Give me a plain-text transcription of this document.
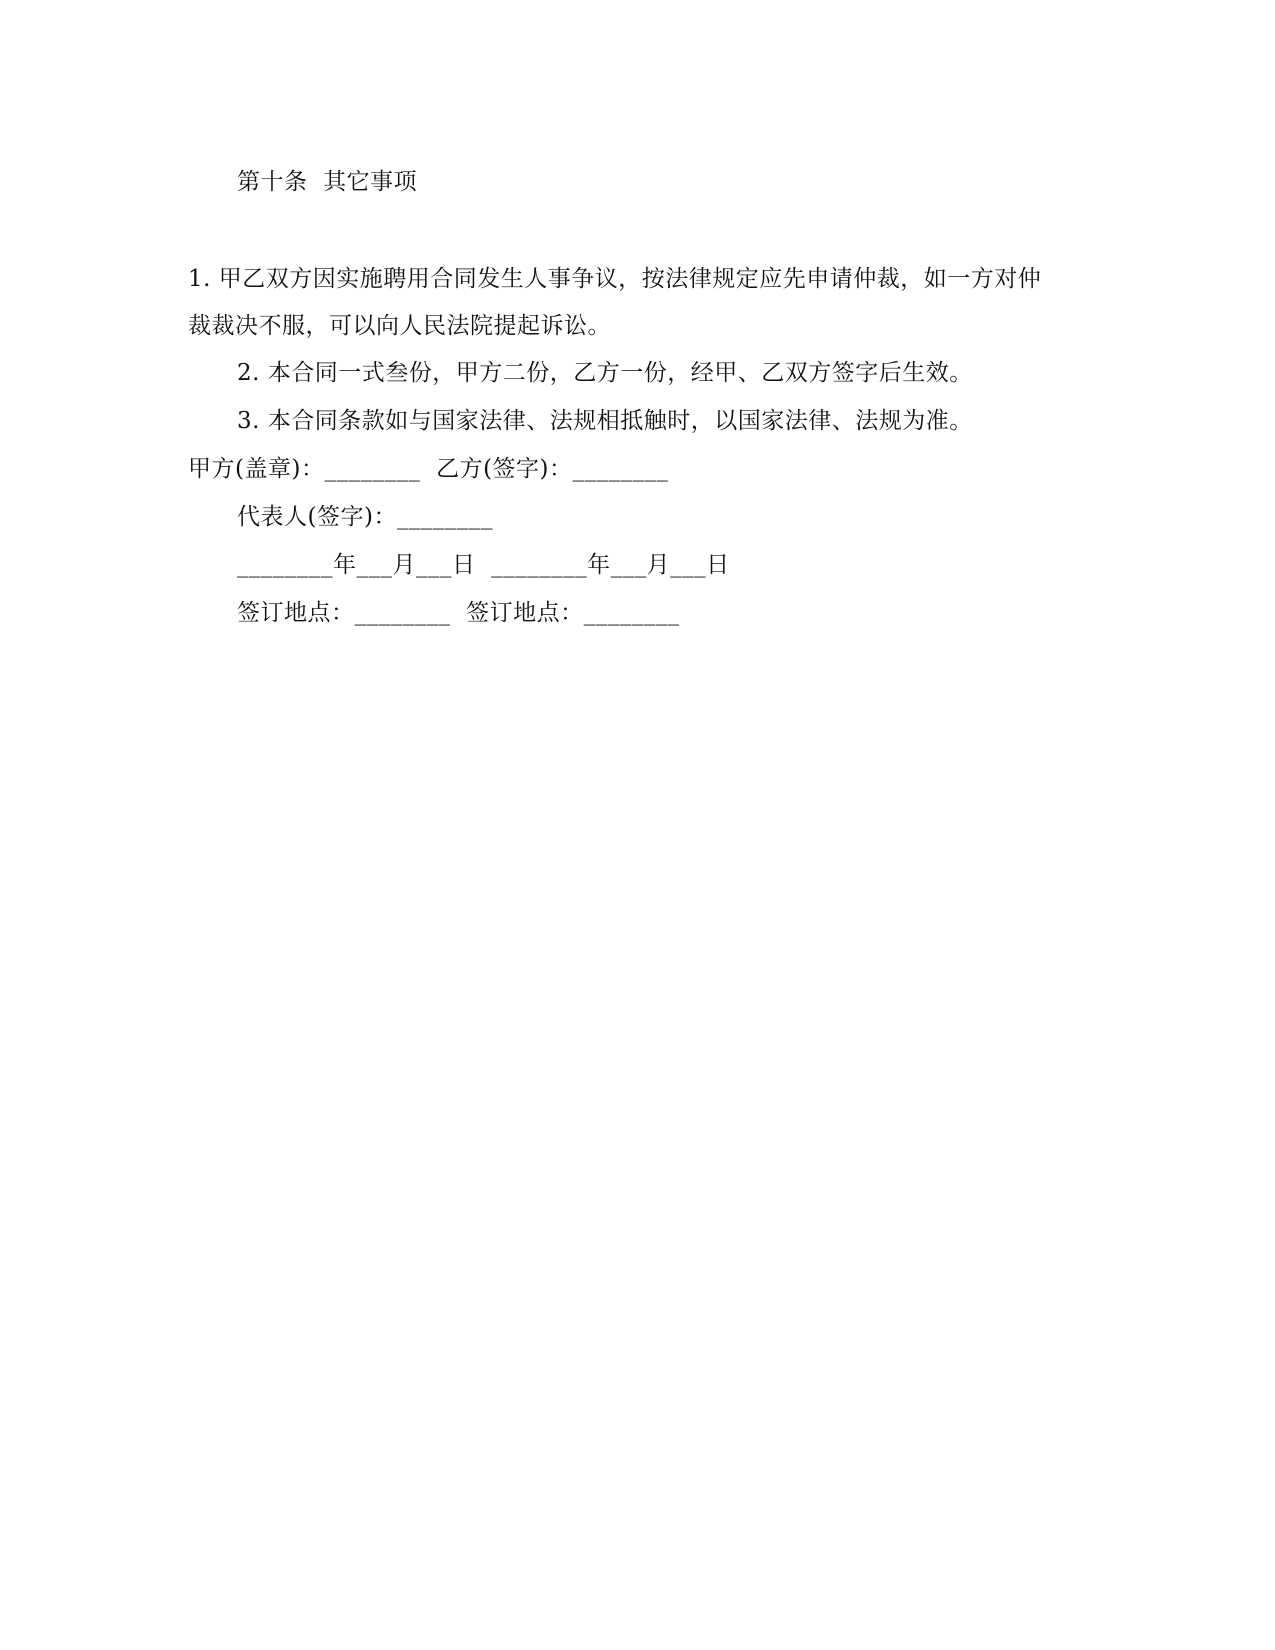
第十条  其它事项
1. 甲乙双方因实施聘用合同发生人事争议，按法律规定应先申请仲裁，如一方对仲
裁裁决不服，可以向人民法院提起诉讼。
2. 本合同一式叁份，甲方二份，乙方一份，经甲、乙双方签字后生效。
3. 本合同条款如与国家法律、法规相抵触时，以国家法律、法规为准。
甲方(盖章)：________  乙方(签字)：________
代表人(签字)：________
________年___月___日  ________年___月___日
签订地点：________  签订地点：________
